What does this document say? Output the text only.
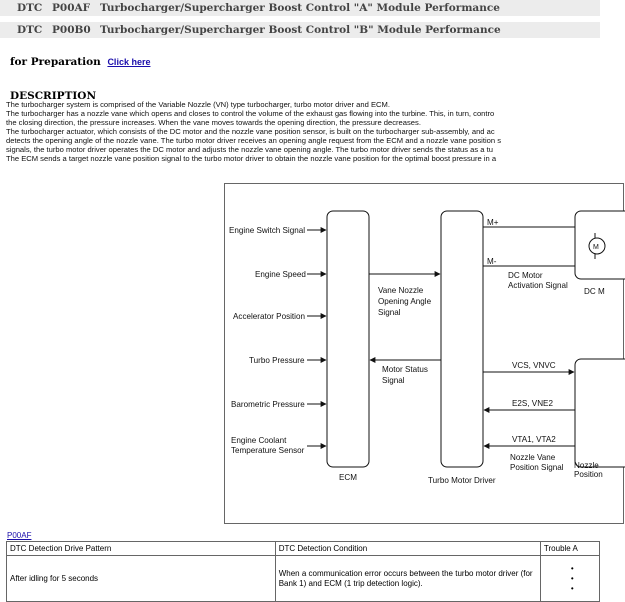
DTC P00AF Turbocharger/Supercharger Boost Control "A" Module Performance
DTC P00B0 Turbocharger/Supercharger Boost Control "B" Module Performance
for Preparation Click here
DESCRIPTION
The turbocharger system is comprised of the Variable Nozzle (VN) type turbocharger, turbo motor driver and ECM.
The turbocharger has a nozzle vane which opens and closes to control the volume of the exhaust gas flowing into the turbine. This, in turn, contro
the closing direction, the pressure increases. When the vane moves towards the opening direction, the pressure decreases.
The turbocharger actuator, which consists of the DC motor and the nozzle vane position sensor, is built on the turbocharger sub-assembly, and ac
detects the opening angle of the nozzle vane. The turbo motor driver receives an opening angle request from the ECM and a nozzle vane position s
signals, the turbo motor driver operates the DC motor and adjusts the nozzle vane opening angle. The turbo motor driver sends the status as a tu
The ECM sends a target nozzle vane position signal to the turbo motor driver to obtain the nozzle vane position for the optimal boost pressure in a
ECM	Turbo Motor Driver
M
DC M
Nozzle Position
Engine Switch Signal
Engine Speed
Accelerator Position
Turbo Pressure
Barometric Pressure
Engine Coolant Temperature Sensor
Vane Nozzle Opening Angle Signal
Motor Status Signal
M+
M-
DC Motor Activation Signal
VCS, VNVC
E2S, VNE2
VTA1, VTA2
Nozzle Vane Position Signal
P00AF
DTC Detection Drive Pattern	DTC Detection Condition	Trouble A
After idling for 5 seconds	When a communication error occurs between the turbo motor driver (for Bank 1) and ECM (1 trip detection logic).	•
•
•
